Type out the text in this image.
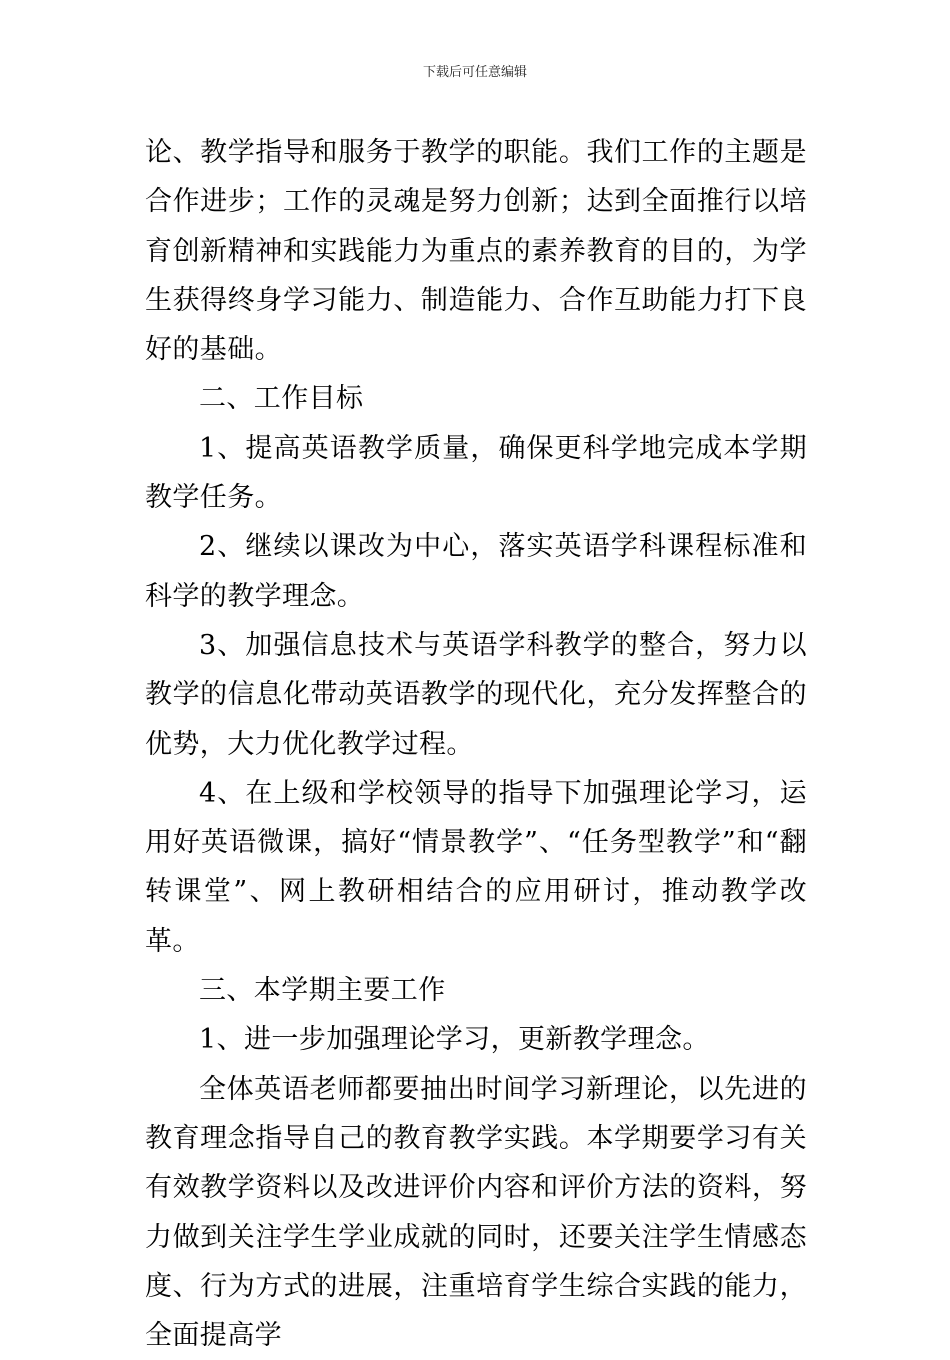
下载后可任意编辑

论、教学指导和服务于教学的职能。我们工作的主题是合作进步；工作的灵魂是努力创新；达到全面推行以培育创新精神和实践能力为重点的素养教育的目的，为学生获得终身学习能力、制造能力、合作互助能力打下良好的基础。

二、工作目标

1、提高英语教学质量，确保更科学地完成本学期教学任务。

2、继续以课改为中心，落实英语学科课程标准和科学的教学理念。

3、加强信息技术与英语学科教学的整合，努力以教学的信息化带动英语教学的现代化，充分发挥整合的优势，大力优化教学过程。

4、在上级和学校领导的指导下加强理论学习，运用好英语微课，搞好“情景教学”、“任务型教学”和“翻转课堂”、网上教研相结合的应用研讨，推动教学改革。

三、本学期主要工作

1、进一步加强理论学习，更新教学理念。

全体英语老师都要抽出时间学习新理论，以先进的教育理念指导自己的教育教学实践。本学期要学习有关有效教学资料以及改进评价内容和评价方法的资料，努力做到关注学生学业成就的同时，还要关注学生情感态度、行为方式的进展，注重培育学生综合实践的能力，全面提高学
